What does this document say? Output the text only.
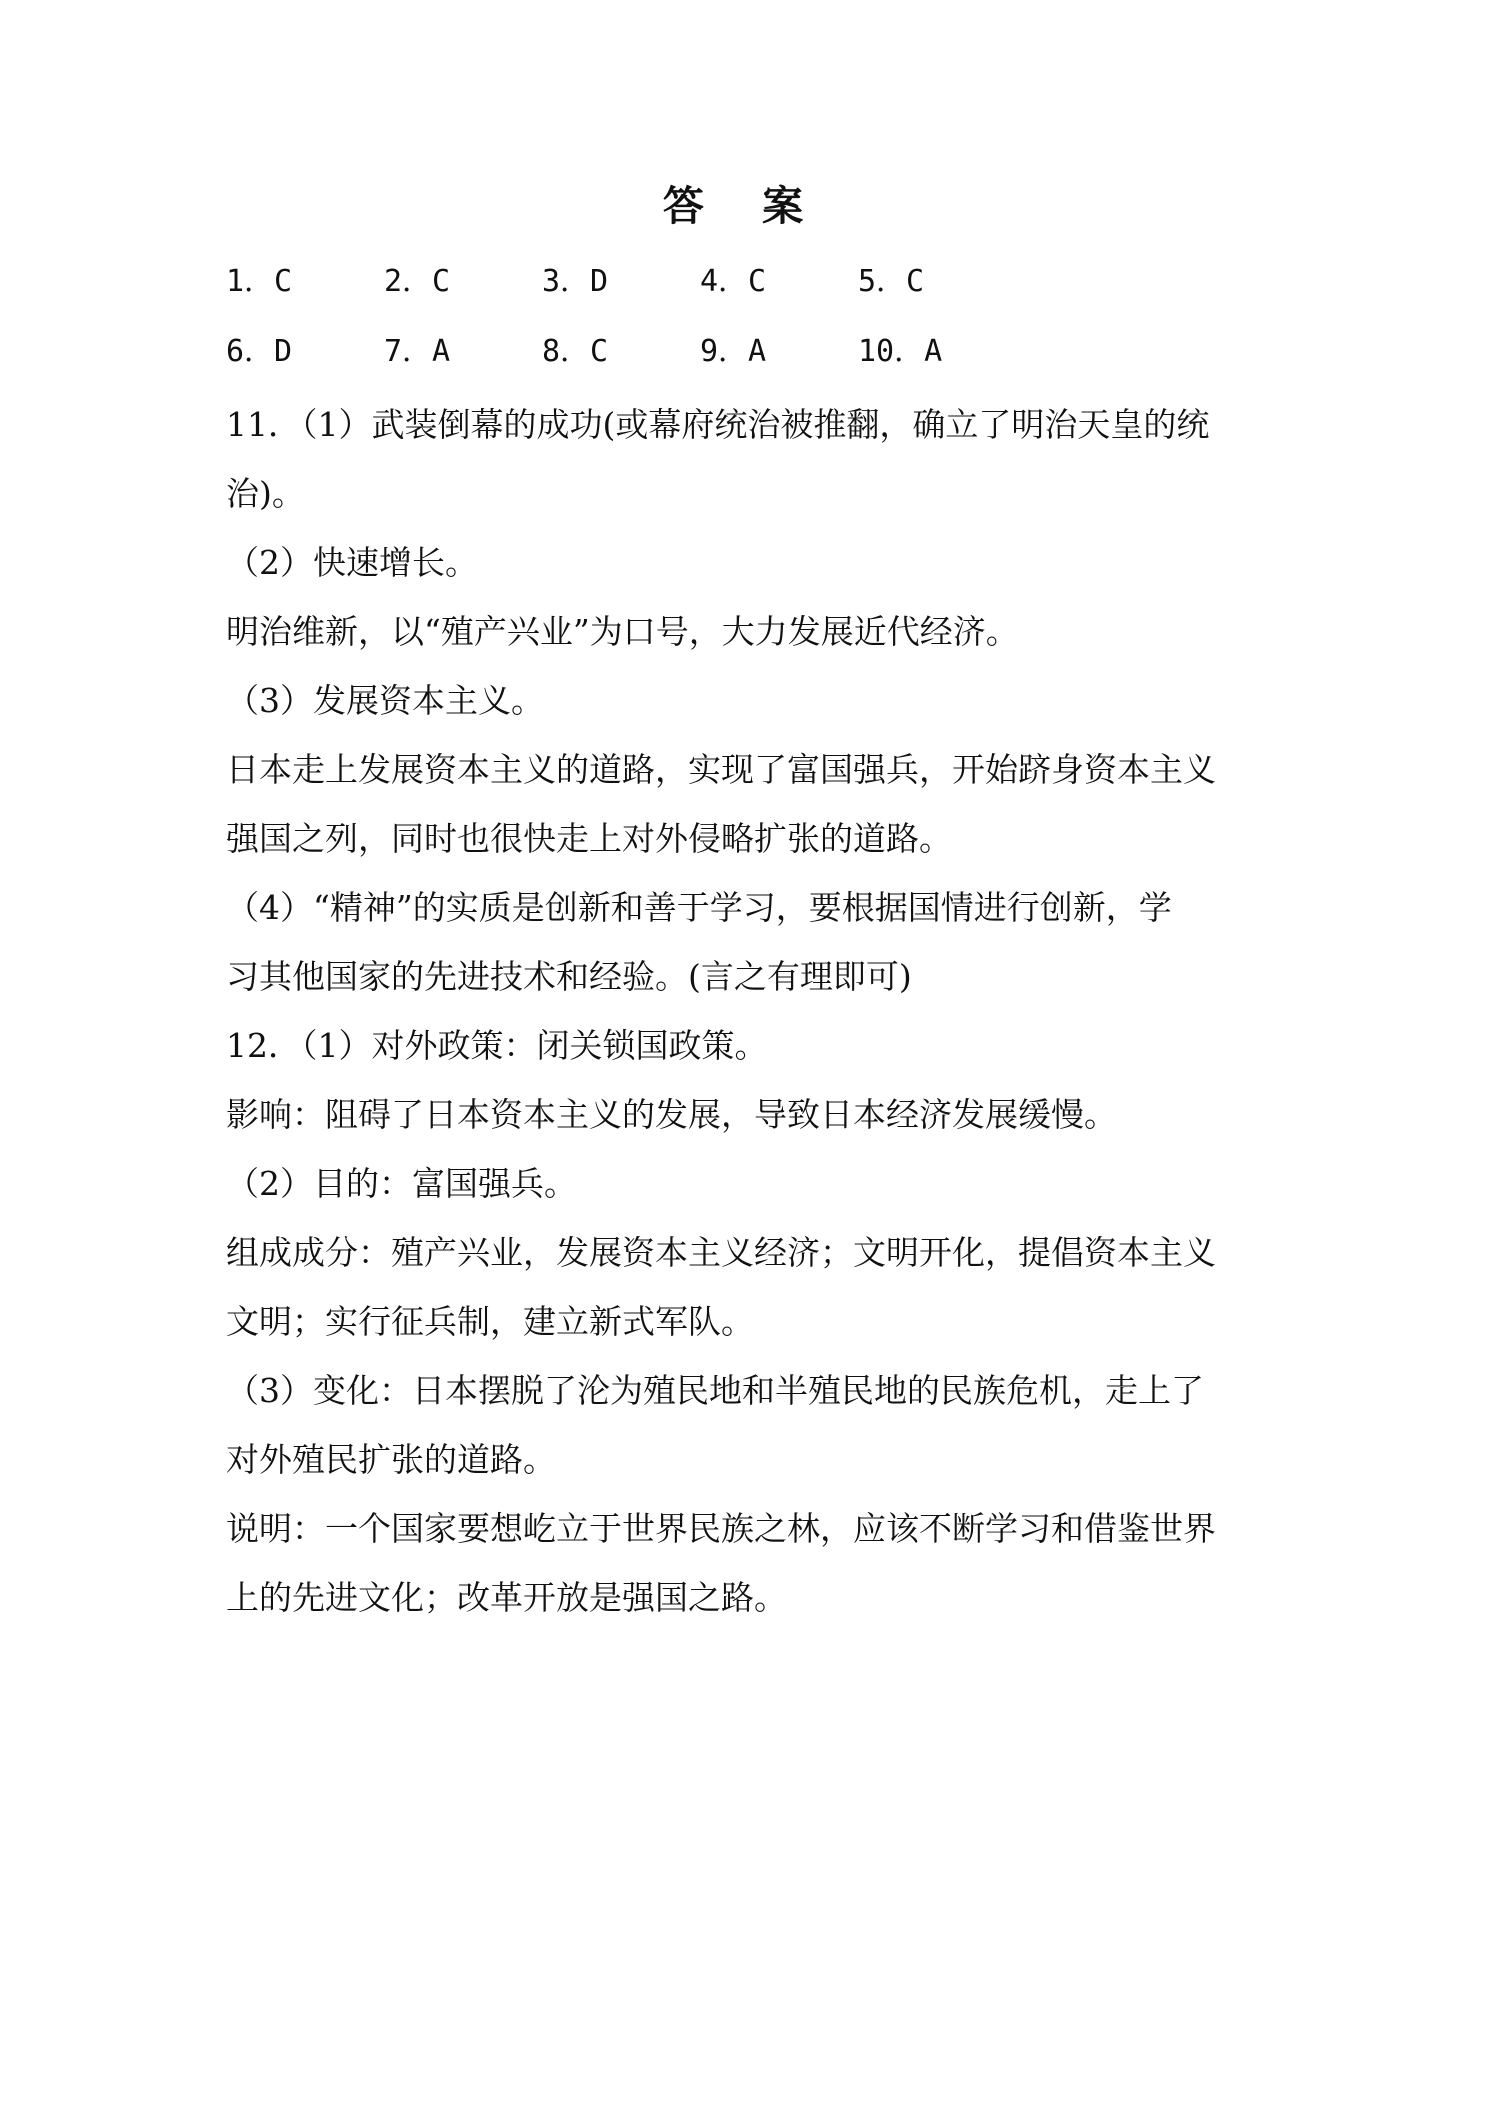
答 案
1．C	2．C	3．D	4．C	5．C
6．D	7．A	8．C	9．A	10．A
11．（1）武装倒幕的成功(或幕府统治被推翻，确立了明治天皇的统
治)。
（2）快速增长。
明治维新，以“殖产兴业”为口号，大力发展近代经济。
（3）发展资本主义。
日本走上发展资本主义的道路，实现了富国强兵，开始跻身资本主义
强国之列，同时也很快走上对外侵略扩张的道路。
（4）“精神”的实质是创新和善于学习，要根据国情进行创新，学
习其他国家的先进技术和经验。(言之有理即可)
12．（1）对外政策：闭关锁国政策。
影响：阻碍了日本资本主义的发展，导致日本经济发展缓慢。
（2）目的：富国强兵。
组成成分：殖产兴业，发展资本主义经济；文明开化，提倡资本主义
文明；实行征兵制，建立新式军队。
（3）变化：日本摆脱了沦为殖民地和半殖民地的民族危机，走上了
对外殖民扩张的道路。
说明：一个国家要想屹立于世界民族之林，应该不断学习和借鉴世界
上的先进文化；改革开放是强国之路。
